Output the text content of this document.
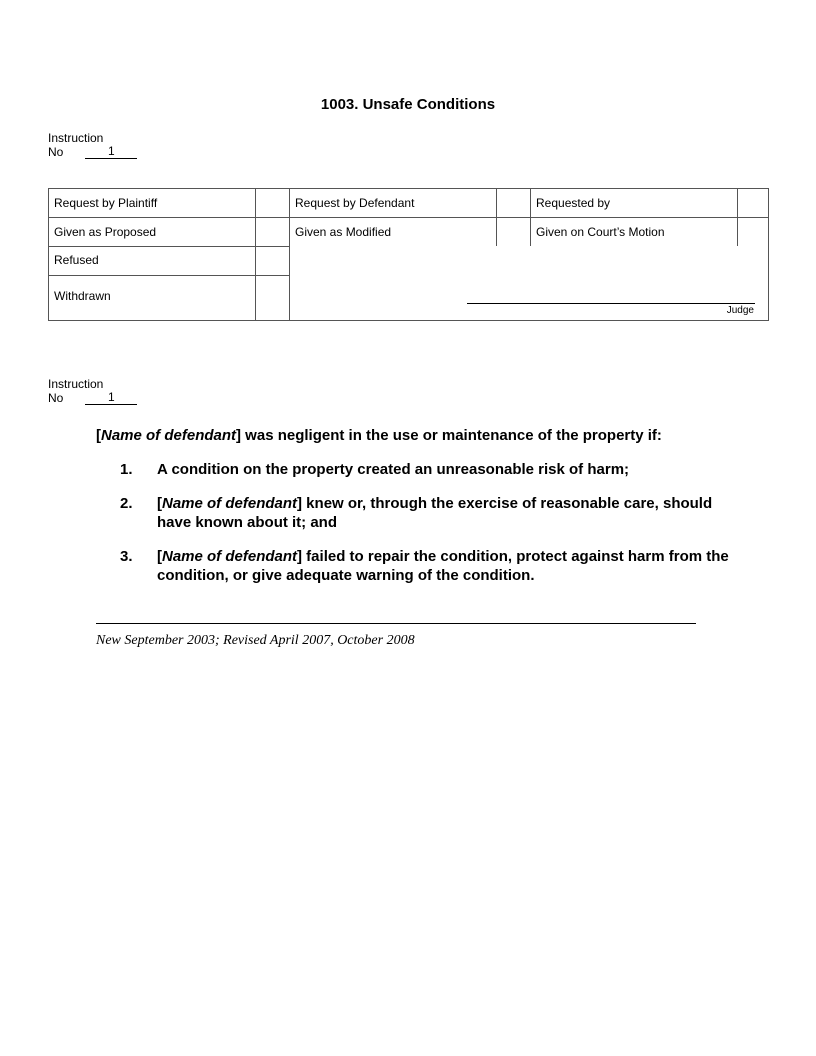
1003. Unsafe Conditions
Instruction
No	1
Request by Plaintiff	Request by Defendant	Requested by
Given as Proposed	Given as Modified	Given on Court’s Motion
Refused
Withdrawn
Judge
Instruction
No	1

[Name of defendant] was negligent in the use or maintenance of the property if:

1.	A condition on the property created an unreasonable risk of harm;
2.	[Name of defendant] knew or, through the exercise of reasonable care, should have known about it; and
3.	[Name of defendant] failed to repair the condition, protect against harm from the condition, or give adequate warning of the condition.
New September 2003; Revised April 2007, October 2008
